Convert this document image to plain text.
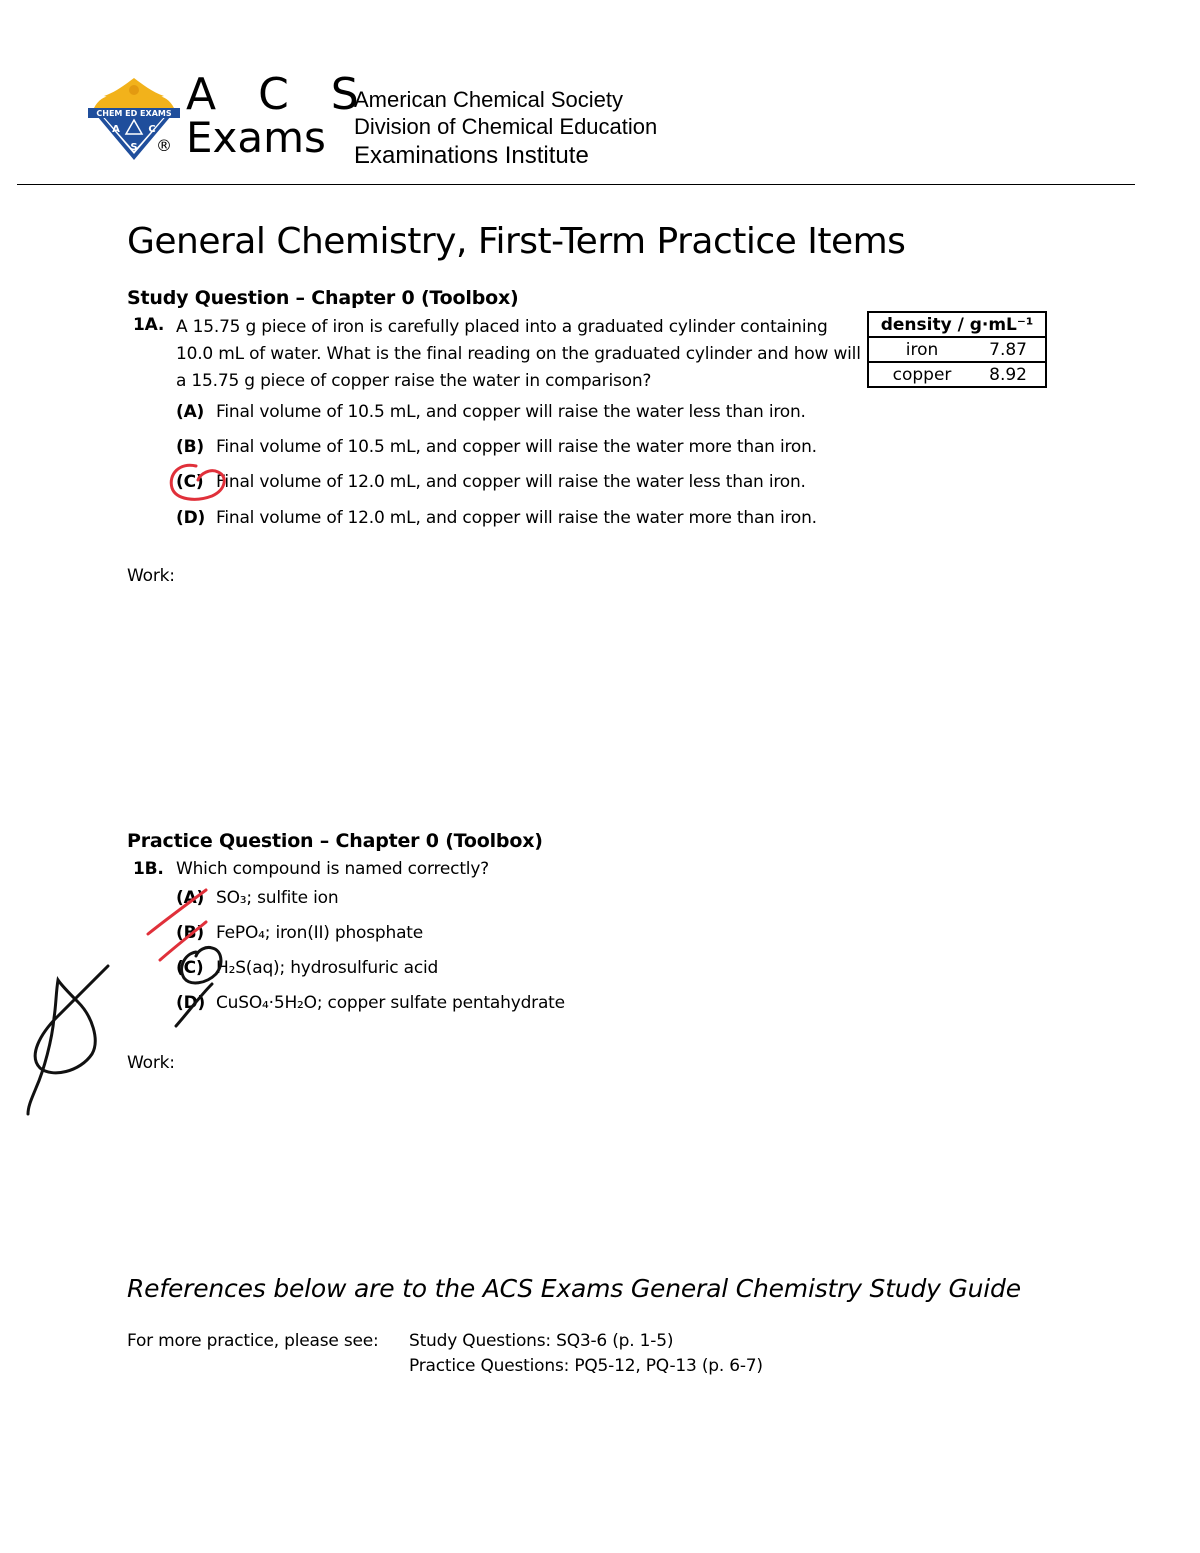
CHEM ED EXAMS
A	C
S
A C S
Exams
®
American Chemical Society
Division of Chemical Education
Examinations Institute
General Chemistry, First-Term Practice Items
Study Question – Chapter 0 (Toolbox)
1A. A 15.75 g piece of iron is carefully placed into a graduated cylinder containing 10.0 mL of water. What is the final reading on the graduated cylinder and how will a 15.75 g piece of copper raise the water in comparison?
(A) Final volume of 10.5 mL, and copper will raise the water less than iron.
(B) Final volume of 10.5 mL, and copper will raise the water more than iron.
(C) Final volume of 12.0 mL, and copper will raise the water less than iron.
(D) Final volume of 12.0 mL, and copper will raise the water more than iron.
density / g·mL⁻¹
iron	7.87
copper 8.92
Work:
Practice Question – Chapter 0 (Toolbox)
1B. Which compound is named correctly?
(A) SO₃; sulfite ion
(B) FePO₄; iron(II) phosphate
(C) H₂S(aq); hydrosulfuric acid
(D) CuSO₄·5H₂O; copper sulfate pentahydrate
Work:
References below are to the ACS Exams General Chemistry Study Guide
For more practice, please see: Study Questions: SQ3-6 (p. 1-5)
Practice Questions: PQ5-12, PQ-13 (p. 6-7)
